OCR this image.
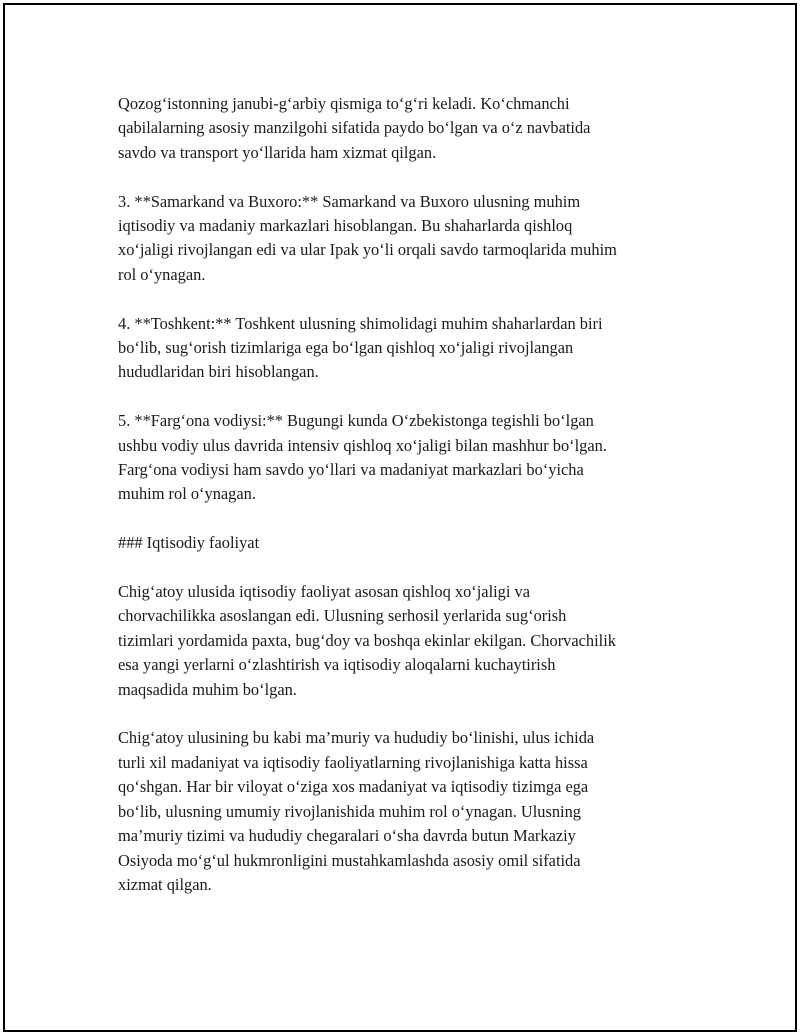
Qozog‘istonning janubi-g‘arbiy qismiga to‘g‘ri keladi. Ko‘chmanchi
qabilalarning asosiy manzilgohi sifatida paydo bo‘lgan va o‘z navbatida
savdo va transport yo‘llarida ham xizmat qilgan.

3. **Samarkand va Buxoro:** Samarkand va Buxoro ulusning muhim
iqtisodiy va madaniy markazlari hisoblangan. Bu shaharlarda qishloq
xo‘jaligi rivojlangan edi va ular Ipak yo‘li orqali savdo tarmoqlarida muhim
rol o‘ynagan.

4. **Toshkent:** Toshkent ulusning shimolidagi muhim shaharlardan biri
bo‘lib, sug‘orish tizimlariga ega bo‘lgan qishloq xo‘jaligi rivojlangan
hududlaridan biri hisoblangan.

5. **Farg‘ona vodiysi:** Bugungi kunda O‘zbekistonga tegishli bo‘lgan
ushbu vodiy ulus davrida intensiv qishloq xo‘jaligi bilan mashhur bo‘lgan.
Farg‘ona vodiysi ham savdo yo‘llari va madaniyat markazlari bo‘yicha
muhim rol o‘ynagan.

### Iqtisodiy faoliyat

Chig‘atoy ulusida iqtisodiy faoliyat asosan qishloq xo‘jaligi va
chorvachilikka asoslangan edi. Ulusning serhosil yerlarida sug‘orish
tizimlari yordamida paxta, bug‘doy va boshqa ekinlar ekilgan. Chorvachilik
esa yangi yerlarni o‘zlashtirish va iqtisodiy aloqalarni kuchaytirish
maqsadida muhim bo‘lgan.

Chig‘atoy ulusining bu kabi ma’muriy va hududiy bo‘linishi, ulus ichida
turli xil madaniyat va iqtisodiy faoliyatlarning rivojlanishiga katta hissa
qo‘shgan. Har bir viloyat o‘ziga xos madaniyat va iqtisodiy tizimga ega
bo‘lib, ulusning umumiy rivojlanishida muhim rol o‘ynagan. Ulusning
ma’muriy tizimi va hududiy chegaralari o‘sha davrda butun Markaziy
Osiyoda mo‘g‘ul hukmronligini mustahkamlashda asosiy omil sifatida
xizmat qilgan.
